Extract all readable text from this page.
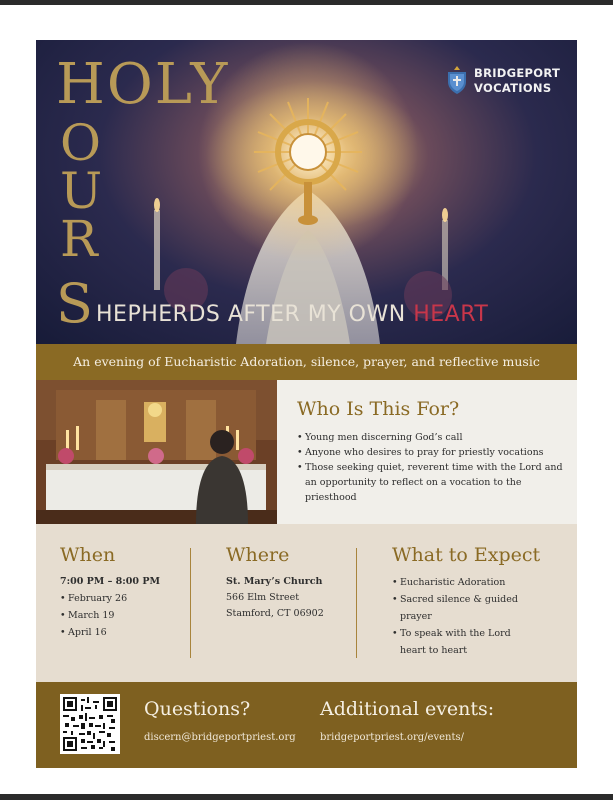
HOLY
O
U
R
S HEPHERDS AFTER MY OWN HEART
BRIDGEPORT
VOCATIONS
An evening of Eucharistic Adoration, silence, prayer, and reflective music
Who Is This For?
• Young men discerning God’s call
• Anyone who desires to pray for priestly vocations
• Those seeking quiet, reverent time with the Lord and an opportunity to reflect on a vocation to the priesthood
When
7:00 PM – 8:00 PM
• February 26
• March 19
• April 16
Where
St. Mary’s Church
566 Elm Street
Stamford, CT 06902
What to Expect
• Eucharistic Adoration
• Sacred silence & guided prayer
• To speak with the Lord heart to heart
Questions?
discern@bridgeportpriest.org
Additional events:
bridgeportpriest.org/events/
